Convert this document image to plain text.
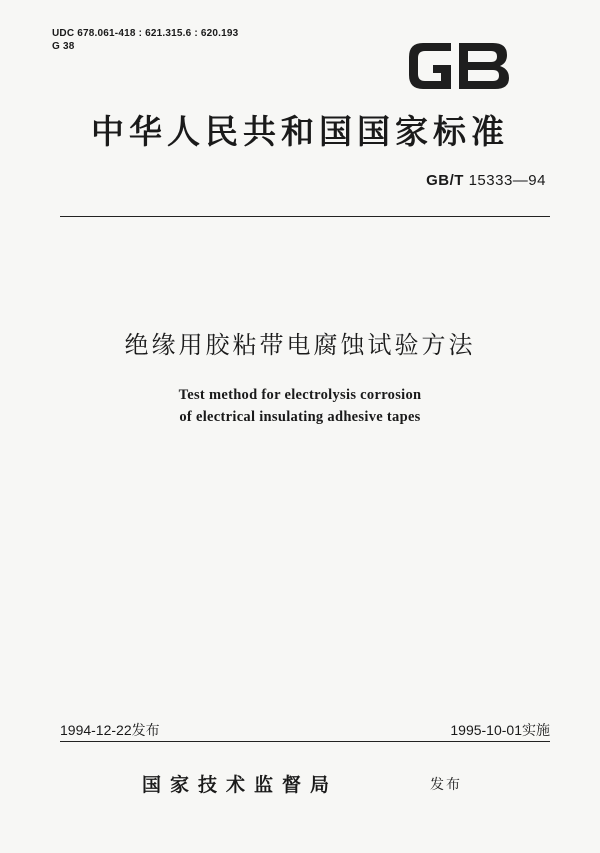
UDC 678.061-418 : 621.315.6 : 620.193
G 38
中华人民共和国国家标准
GB/T 15333—94
绝缘用胶粘带电腐蚀试验方法
Test method for electrolysis corrosion
of electrical insulating adhesive tapes
1994-12-22发布	1995-10-01实施
国家技术监督局	发布
